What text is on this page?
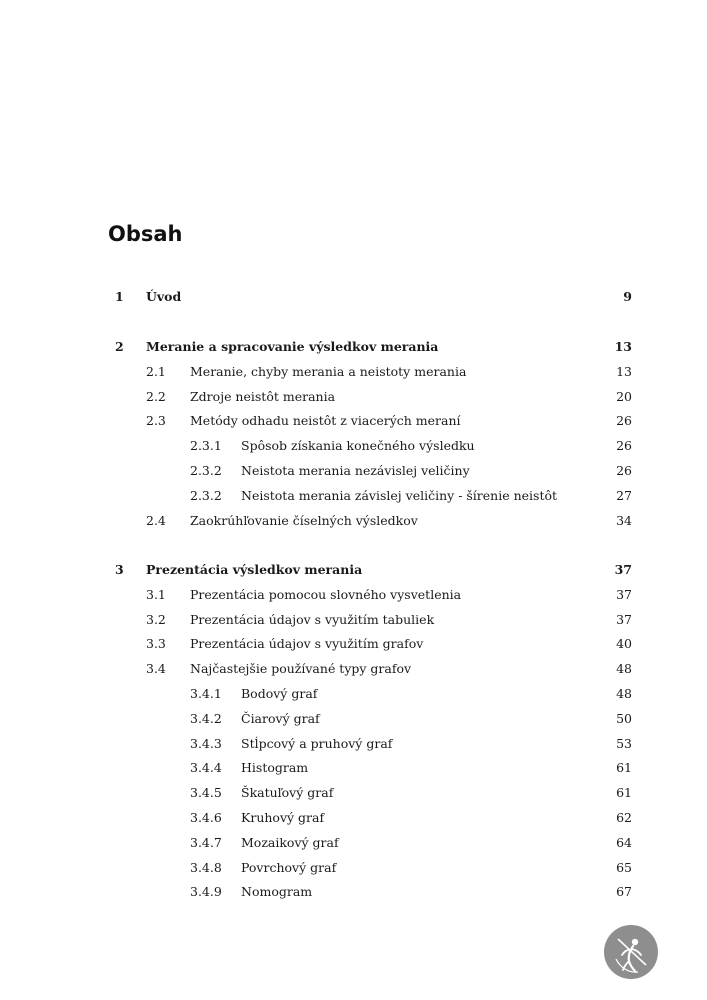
Obsah
1 Úvod	9
2 Meranie a spracovanie výsledkov merania	13
2.1 Meranie, chyby merania a neistoty merania	13
2.2 Zdroje neistôt merania	20
2.3 Metódy odhadu neistôt z viacerých meraní	26
2.3.1 Spôsob získania konečného výsledku	26
2.3.2 Neistota merania nezávislej veličiny	26
2.3.2 Neistota merania závislej veličiny - šírenie neistôt	27
2.4 Zaokrúhľovanie číselných výsledkov	34
3 Prezentácia výsledkov merania	37
3.1 Prezentácia pomocou slovného vysvetlenia	37
3.2 Prezentácia údajov s využitím tabuliek	37
3.3 Prezentácia údajov s využitím grafov	40
3.4 Najčastejšie používané typy grafov	48
3.4.1 Bodový graf	48
3.4.2 Čiarový graf	50
3.4.3 Stĺpcový a pruhový graf	53
3.4.4 Histogram	61
3.4.5 Škatuľový graf	61
3.4.6 Kruhový graf	62
3.4.7 Mozaikový graf	64
3.4.8 Povrchový graf	65
3.4.9 Nomogram	67
